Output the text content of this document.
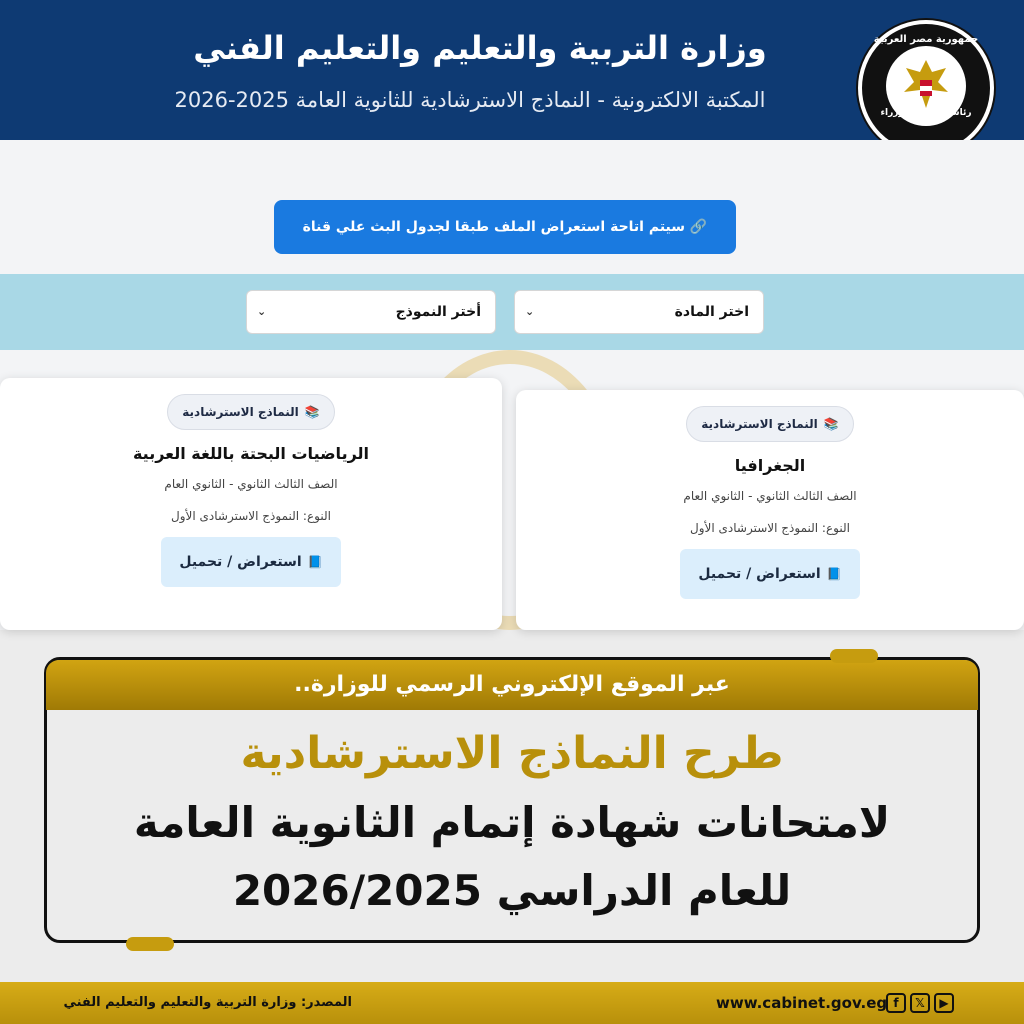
وزارة التربية والتعليم والتعليم الفني
المكتبة الالكترونية - النماذج الاسترشادية للثانوية العامة 2025-2026
جمهورية مصر العربية
رئاسة مجلس الوزراء
🔗 سيتم اتاحة استعراض الملف طبقا لجدول البث علي قناة
اختر المادة
⌄
أختر النموذج
⌄
📚النماذج الاسترشادية
الرياضيات البحتة باللغة العربية
الصف الثالث الثانوي - الثانوي العام
النوع: النموذج الاسترشادى الأول
📘استعراض / تحميل
📚النماذج الاسترشادية
الجغرافيا
الصف الثالث الثانوي - الثانوي العام
النوع: النموذج الاسترشادى الأول
📘استعراض / تحميل
عبر الموقع الإلكتروني الرسمي للوزارة..
طرح النماذج الاسترشادية
لامتحانات شهادة إتمام الثانوية العامة
للعام الدراسي 2026/2025
www.cabinet.gov.eg f	𝕏	▶
المصدر: وزارة التربية والتعليم والتعليم الفني
